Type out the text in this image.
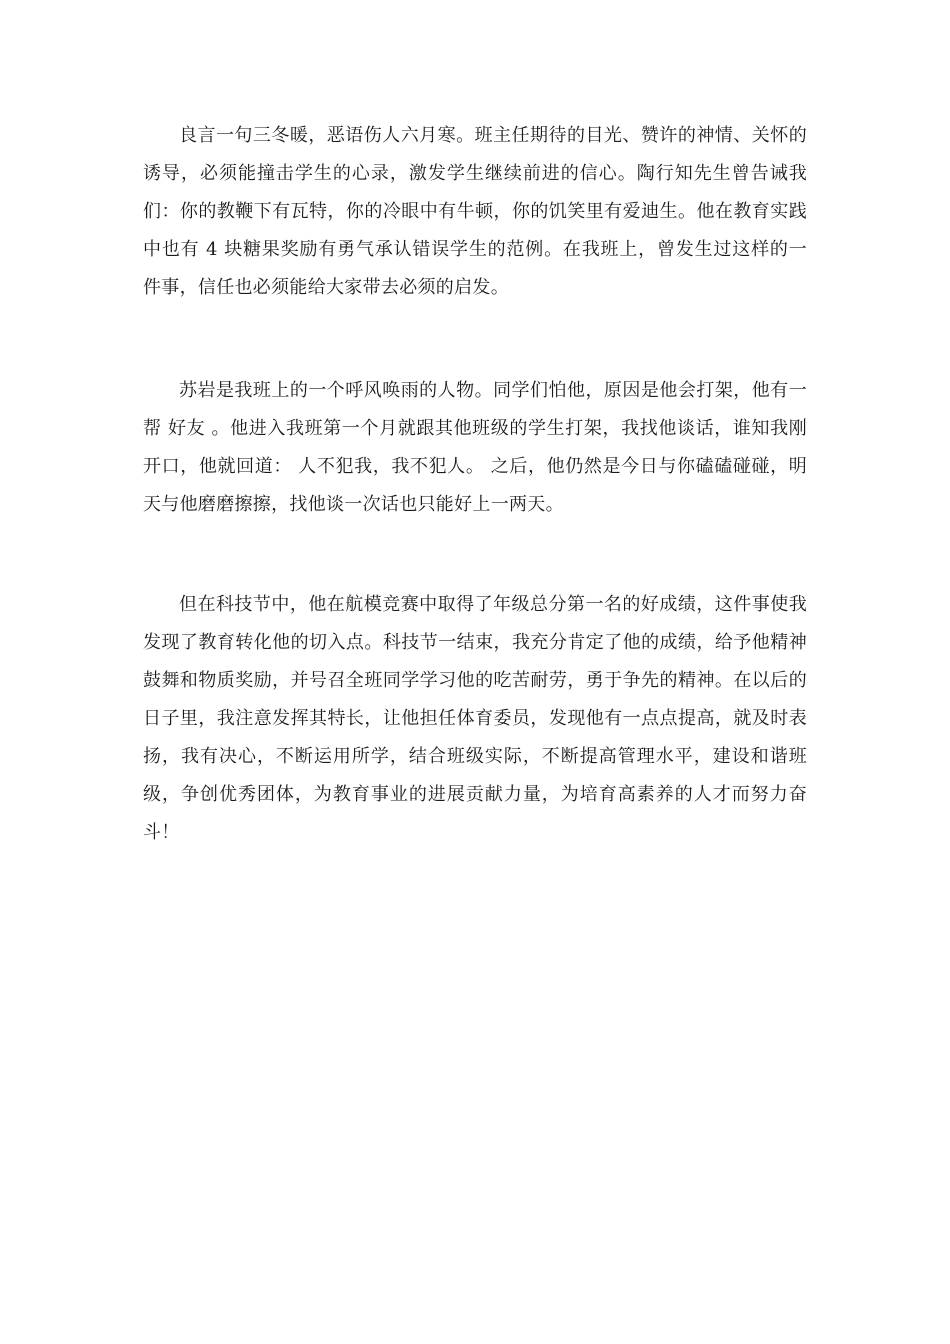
良言一句三冬暖，恶语伤人六月寒。班主任期待的目光、赞许的神情、关怀的诱导，必须能撞击学生的心录，激发学生继续前进的信心。陶行知先生曾告诫我们：你的教鞭下有瓦特，你的冷眼中有牛顿，你的饥笑里有爱迪生。他在教育实践中也有 4 块糖果奖励有勇气承认错误学生的范例。在我班上，曾发生过这样的一件事，信任也必须能给大家带去必须的启发。

苏岩是我班上的一个呼风唤雨的人物。同学们怕他，原因是他会打架，他有一帮 好友 。他进入我班第一个月就跟其他班级的学生打架，我找他谈话，谁知我刚开口，他就回道： 人不犯我，我不犯人。 之后，他仍然是今日与你磕磕碰碰，明天与他磨磨擦擦，找他谈一次话也只能好上一两天。

但在科技节中，他在航模竞赛中取得了年级总分第一名的好成绩，这件事使我发现了教育转化他的切入点。科技节一结束，我充分肯定了他的成绩，给予他精神鼓舞和物质奖励，并号召全班同学学习他的吃苦耐劳，勇于争先的精神。在以后的日子里，我注意发挥其特长，让他担任体育委员，发现他有一点点提高，就及时表扬，我有决心，不断运用所学，结合班级实际，不断提高管理水平，建设和谐班级，争创优秀团体，为教育事业的进展贡献力量，为培育高素养的人才而努力奋斗！
